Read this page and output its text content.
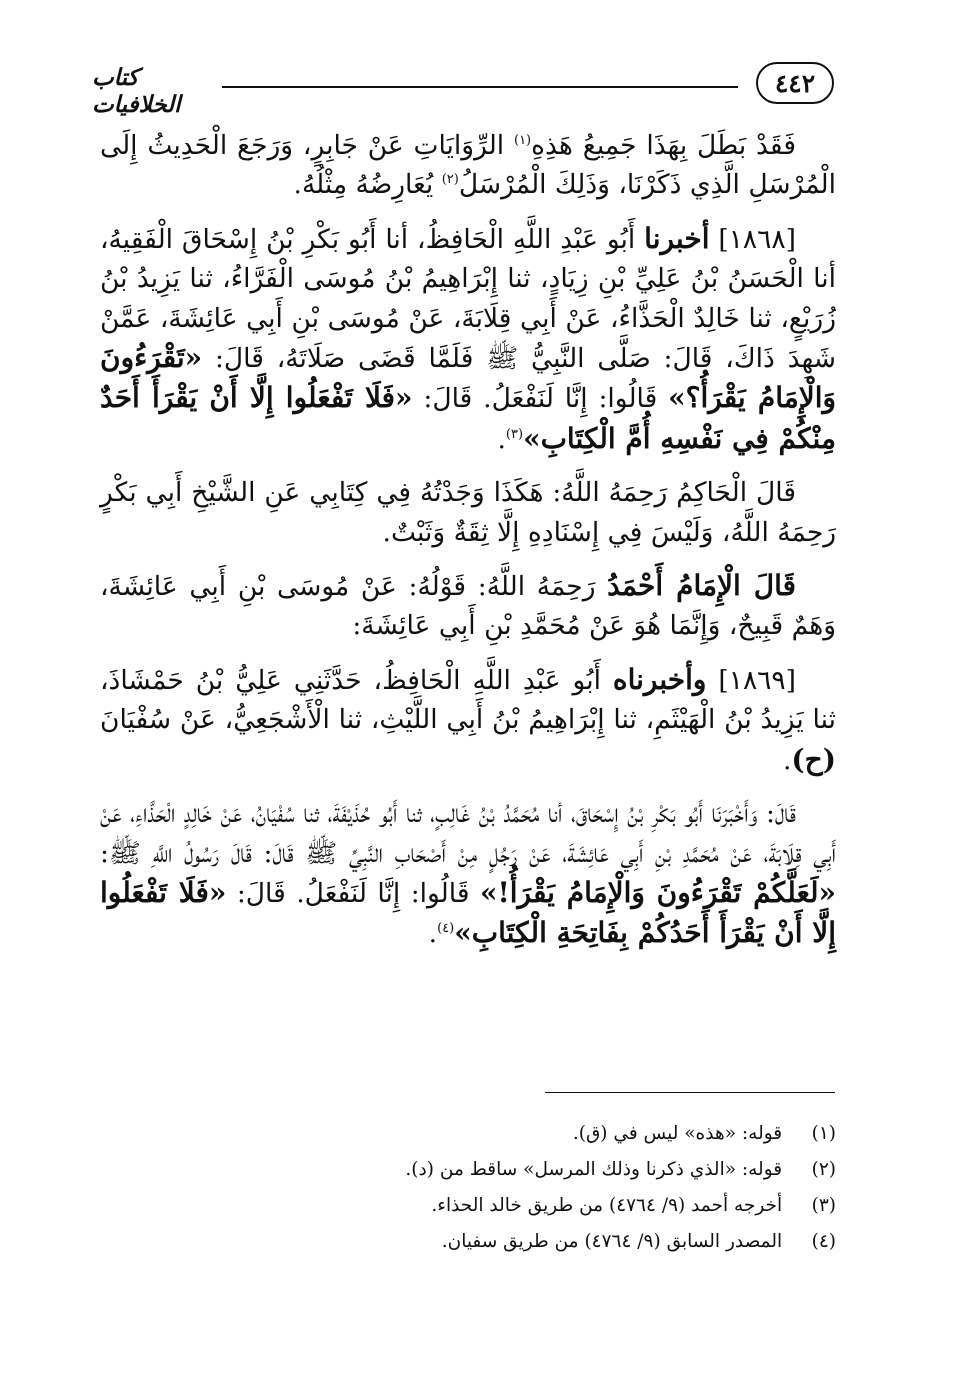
٤٤٢
كتاب الخلافيات

فَقَدْ بَطَلَ بِهَذَا جَمِيعُ هَذِهِ$^{(١)}$ الرِّوَايَاتِ عَنْ جَابِرٍ، وَرَجَعَ الْحَدِيثُ إِلَى الْمُرْسَلِ الَّذِي ذَكَرْنَا، وَذَلِكَ الْمُرْسَلُ$^{(٢)}$ يُعَارِضُهُ مِثْلُهُ.

[١٨٦٨] أخبرنا أَبُو عَبْدِ اللَّهِ الْحَافِظُ، أنا أَبُو بَكْرِ بْنُ إِسْحَاقَ الْفَقِيهُ، أنا الْحَسَنُ بْنُ عَلِيِّ بْنِ زِيَادٍ، ثنا إِبْرَاهِيمُ بْنُ مُوسَى الْفَرَّاءُ، ثنا يَزِيدُ بْنُ زُرَيْعٍ، ثنا خَالِدٌ الْحَذَّاءُ، عَنْ أَبِي قِلَابَةَ، عَنْ مُوسَى بْنِ أَبِي عَائِشَةَ، عَمَّنْ شَهِدَ ذَاكَ، قَالَ: صَلَّى النَّبِيُّ ﷺ فَلَمَّا قَضَى صَلَاتَهُ، قَالَ: «تَقْرَءُونَ وَالْإِمَامُ يَقْرَأُ؟» قَالُوا: إِنَّا لَنَفْعَلُ. قَالَ: «فَلَا تَفْعَلُوا إِلَّا أَنْ يَقْرَأَ أَحَدٌ مِنْكُمْ فِي نَفْسِهِ أُمَّ الْكِتَابِ»$^{(٣)}$.

قَالَ الْحَاكِمُ رَحِمَهُ اللَّهُ: هَكَذَا وَجَدْتُهُ فِي كِتَابِي عَنِ الشَّيْخِ أَبِي بَكْرٍ رَحِمَهُ اللَّهُ، وَلَيْسَ فِي إِسْنَادِهِ إِلَّا ثِقَةٌ وَثَبْتٌ.

قَالَ الْإِمَامُ أَحْمَدُ رَحِمَهُ اللَّهُ: قَوْلُهُ: عَنْ مُوسَى بْنِ أَبِي عَائِشَةَ، وَهَمٌ قَبِيحٌ، وَإِنَّمَا هُوَ عَنْ مُحَمَّدِ بْنِ أَبِي عَائِشَةَ:

[١٨٦٩] وأخبرناه أَبُو عَبْدِ اللَّهِ الْحَافِظُ، حَدَّثَنِي عَلِيُّ بْنُ حَمْشَاذَ، ثنا يَزِيدُ بْنُ الْهَيْثَمِ، ثنا إِبْرَاهِيمُ بْنُ أَبِي اللَّيْثِ، ثنا الْأَشْجَعِيُّ، عَنْ سُفْيَانَ (ح).

قَالَ: وَأَخْبَرَنَا أَبُو بَكْرِ بْنُ إِسْحَاقَ، أنا مُحَمَّدُ بْنُ غَالِبٍ، ثنا أَبُو حُذَيْفَةَ، ثنا سُفْيَانُ، عَنْ خَالِدٍ الْحَذَّاءِ، عَنْ أَبِي قِلَابَةَ، عَنْ مُحَمَّدِ بْنِ أَبِي عَائِشَةَ، عَنْ رَجُلٍ مِنْ أَصْحَابِ النَّبِيِّ ﷺ قَالَ: قَالَ رَسُولُ اللَّهِ ﷺ: «لَعَلَّكُمْ تَقْرَءُونَ وَالْإِمَامُ يَقْرَأُ!» قَالُوا: إِنَّا لَنَفْعَلُ. قَالَ: «فَلَا تَفْعَلُوا إِلَّا أَنْ يَقْرَأَ أَحَدُكُمْ بِفَاتِحَةِ الْكِتَابِ»$^{(٤)}$.

(١) قوله: «هذه» ليس في (ق).
(٢) قوله: «الذي ذكرنا وذلك المرسل» ساقط من (د).
(٣) أخرجه أحمد (٩/ ٤٧٦٤) من طريق خالد الحذاء.
(٤) المصدر السابق (٩/ ٤٧٦٤) من طريق سفيان.
